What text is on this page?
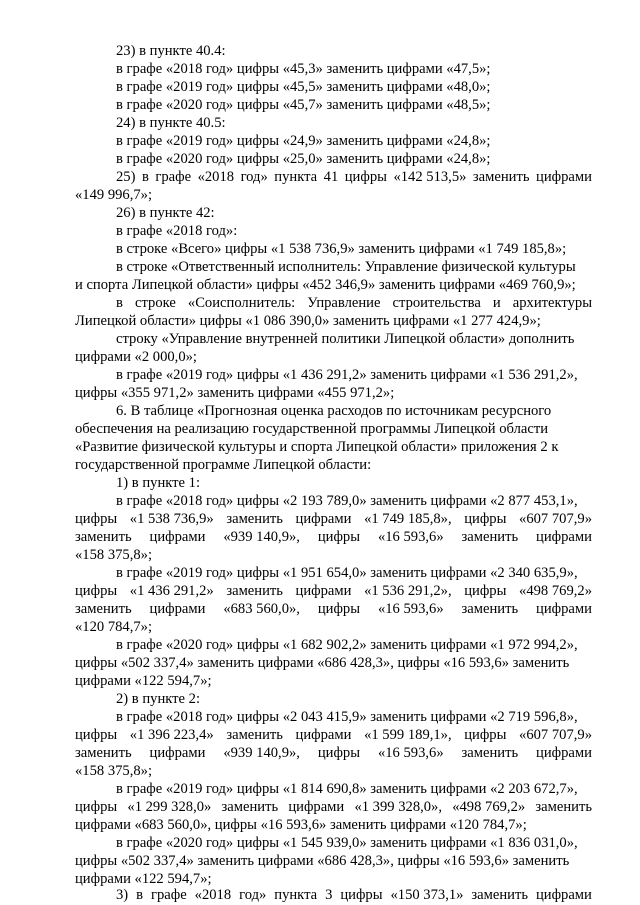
23) в пункте 40.4:
в графе «2018 год» цифры «45,3» заменить цифрами «47,5»;
в графе «2019 год» цифры «45,5» заменить цифрами «48,0»;
в графе «2020 год» цифры «45,7» заменить цифрами «48,5»;
24) в пункте 40.5:
в графе «2019 год» цифры «24,9» заменить цифрами «24,8»;
в графе «2020 год» цифры «25,0» заменить цифрами «24,8»;
25) в графе «2018 год» пункта 41 цифры «142 513,5» заменить цифрами
«149 996,7»;
26) в пункте 42:
в графе «2018 год»:
в строке «Всего» цифры «1 538 736,9» заменить цифрами «1 749 185,8»;
в строке «Ответственный исполнитель: Управление физической культуры
и спорта Липецкой области» цифры «452 346,9» заменить цифрами «469 760,9»;
в строке «Соисполнитель: Управление строительства и архитектуры
Липецкой области» цифры «1 086 390,0» заменить цифрами «1 277 424,9»;
строку «Управление внутренней политики Липецкой области» дополнить
цифрами «2 000,0»;
в графе «2019 год» цифры «1 436 291,2» заменить цифрами «1 536 291,2»,
цифры «355 971,2» заменить цифрами «455 971,2»;
6. В таблице «Прогнозная оценка расходов по источникам ресурсного
обеспечения на реализацию государственной программы Липецкой области
«Развитие физической культуры и спорта Липецкой области» приложения 2 к
государственной программе Липецкой области:
1) в пункте 1:
в графе «2018 год» цифры «2 193 789,0» заменить цифрами «2 877 453,1»,
цифры «1 538 736,9» заменить цифрами «1 749 185,8», цифры «607 707,9»
заменить цифрами «939 140,9», цифры «16 593,6» заменить цифрами
«158 375,8»;
в графе «2019 год» цифры «1 951 654,0» заменить цифрами «2 340 635,9»,
цифры «1 436 291,2» заменить цифрами «1 536 291,2», цифры «498 769,2»
заменить цифрами «683 560,0», цифры «16 593,6» заменить цифрами
«120 784,7»;
в графе «2020 год» цифры «1 682 902,2» заменить цифрами «1 972 994,2»,
цифры «502 337,4» заменить цифрами «686 428,3», цифры «16 593,6» заменить
цифрами «122 594,7»;
2) в пункте 2:
в графе «2018 год» цифры «2 043 415,9» заменить цифрами «2 719 596,8»,
цифры «1 396 223,4» заменить цифрами «1 599 189,1», цифры «607 707,9»
заменить цифрами «939 140,9», цифры «16 593,6» заменить цифрами
«158 375,8»;
в графе «2019 год» цифры «1 814 690,8» заменить цифрами «2 203 672,7»,
цифры «1 299 328,0» заменить цифрами «1 399 328,0», «498 769,2» заменить
цифрами «683 560,0», цифры «16 593,6» заменить цифрами «120 784,7»;
в графе «2020 год» цифры «1 545 939,0» заменить цифрами «1 836 031,0»,
цифры «502 337,4» заменить цифрами «686 428,3», цифры «16 593,6» заменить
цифрами «122 594,7»;
3) в графе «2018 год» пункта 3 цифры «150 373,1» заменить цифрами
